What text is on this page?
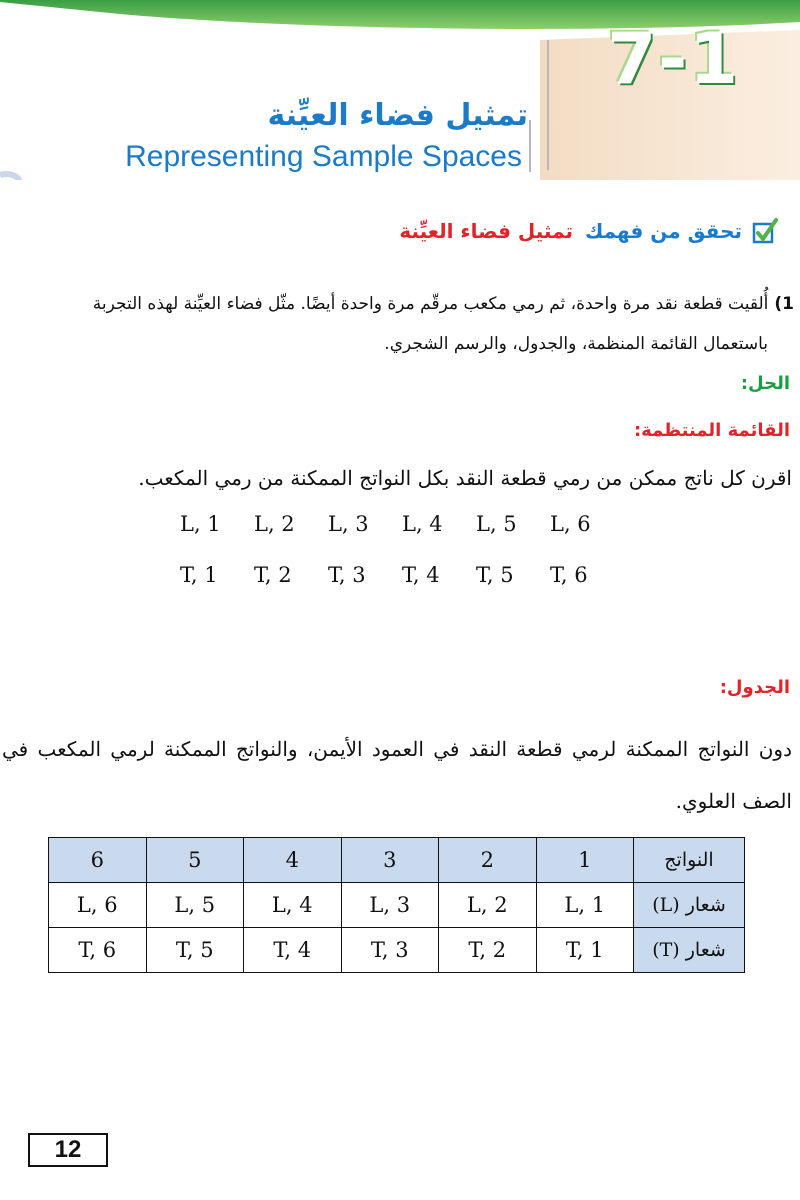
7-1
تمثيل فضاء العيِّنة
Representing Sample Spaces
تحقق من فهمك
تمثيل فضاء العيِّنة
1)أُلقيت قطعة نقد مرة واحدة، ثم رمي مكعب مرقّم مرة واحدة أيضًا. مثّل فضاء العيِّنة لهذه التجربة
باستعمال القائمة المنظمة، والجدول، والرسم الشجري.
الحل:
القائمة المنتظمة:
اقرن كل ناتج ممكن من رمي قطعة النقد بكل النواتج الممكنة من رمي المكعب.
L, 1	L, 2	L, 3	L, 4	L, 5	L, 6
T, 1	T, 2	T, 3	T, 4	T, 5	T, 6
الجدول:
دون النواتج الممكنة لرمي قطعة النقد في العمود الأيمن، والنواتج الممكنة لرمي المكعب في الصف العلوي.
النواتج	1	2	3	4	5	6
شعار (L)	L, 1	L, 2	L, 3	L, 4	L, 5	L, 6
شعار (T)	T, 1	T, 2	T, 3	T, 4	T, 5	T, 6
12
